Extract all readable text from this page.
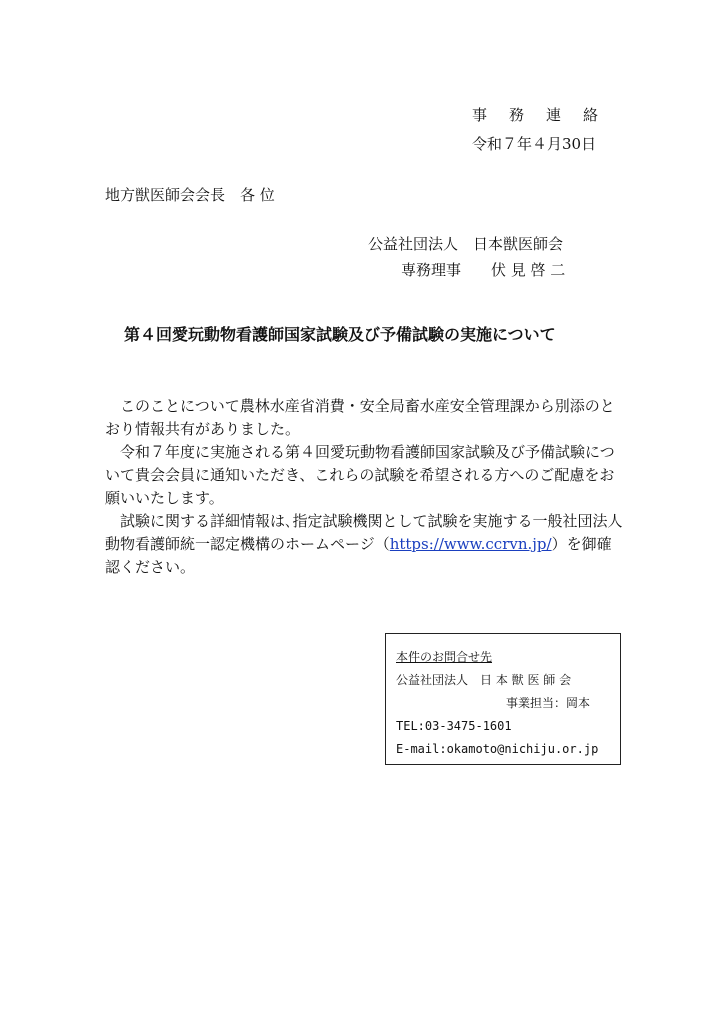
事務連絡
令和７年４月30日
地方獣医師会会長　各 位
公益社団法人　日本獣医師会
専務理事　　伏 見 啓 二
第４回愛玩動物看護師国家試験及び予備試験の実施について

このことについて農林水産省消費・安全局畜水産安全管理課から別添のとおり情報共有がありました。

令和７年度に実施される第４回愛玩動物看護師国家試験及び予備試験について貴会会員に通知いただき、これらの試験を希望される方へのご配慮をお願いいたします。

試験に関する詳細情報は､指定試験機関として試験を実施する一般社団法人動物看護師統一認定機構のホームページ（https://www.ccrvn.jp/）を御確認ください。

本件のお問合せ先
公益社団法人　日 本 獣 医 師 会
事業担当：岡本
TEL:03-3475-1601
E-mail:okamoto@nichiju.or.jp
